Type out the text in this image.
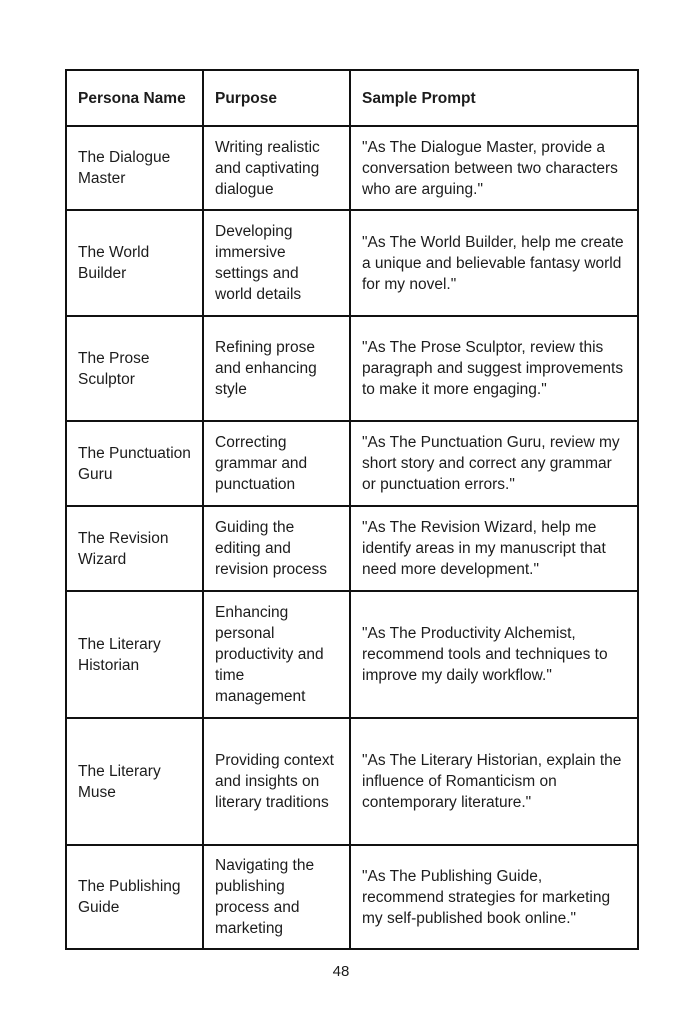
Persona Name	Purpose	Sample Prompt
The Dialogue Master	Writing realistic and captivating dialogue	"As The Dialogue Master, provide a conversation between two characters who are arguing."
The World Builder	Developing immersive settings and world details	"As The World Builder, help me create a unique and believable fantasy world for my novel."
The Prose Sculptor	Refining prose and enhancing style	"As The Prose Sculptor, review this paragraph and suggest improvements to make it more engaging."
The Punctuation Guru	Correcting grammar and punctuation	"As The Punctuation Guru, review my short story and correct any grammar or punctuation errors."
The Revision Wizard	Guiding the editing and revision process	"As The Revision Wizard, help me identify areas in my manuscript that need more development."
The Literary Historian	Enhancing personal productivity and time management	"As The Productivity Alchemist, recommend tools and techniques to improve my daily workflow."
The Literary Muse	Providing context and insights on literary traditions	"As The Literary Historian, explain the influence of Romanticism on contemporary literature."
The Publishing Guide	Navigating the publishing process and marketing	"As The Publishing Guide, recommend strategies for marketing my self-published book online."
48
